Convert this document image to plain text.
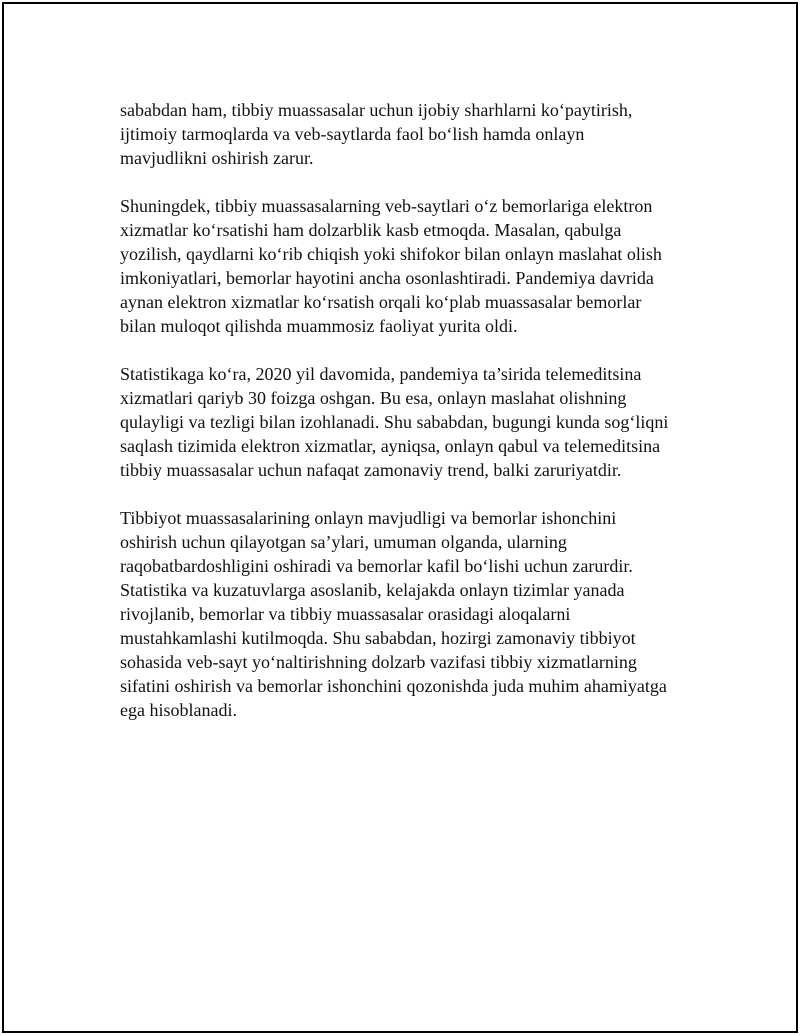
sababdan ham, tibbiy muassasalar uchun ijobiy sharhlarni koʻpaytirish,
ijtimoiy tarmoqlarda va veb-saytlarda faol boʻlish hamda onlayn
mavjudlikni oshirish zarur.

Shuningdek, tibbiy muassasalarning veb-saytlari oʻz bemorlariga elektron
xizmatlar koʻrsatishi ham dolzarblik kasb etmoqda. Masalan, qabulga
yozilish, qaydlarni koʻrib chiqish yoki shifokor bilan onlayn maslahat olish
imkoniyatlari, bemorlar hayotini ancha osonlashtiradi. Pandemiya davrida
aynan elektron xizmatlar koʻrsatish orqali koʻplab muassasalar bemorlar
bilan muloqot qilishda muammosiz faoliyat yurita oldi.

Statistikaga koʻra, 2020 yil davomida, pandemiya ta’sirida telemeditsina
xizmatlari qariyb 30 foizga oshgan. Bu esa, onlayn maslahat olishning
qulayligi va tezligi bilan izohlanadi. Shu sababdan, bugungi kunda sogʻliqni
saqlash tizimida elektron xizmatlar, ayniqsa, onlayn qabul va telemeditsina
tibbiy muassasalar uchun nafaqat zamonaviy trend, balki zaruriyatdir.

Tibbiyot muassasalarining onlayn mavjudligi va bemorlar ishonchini
oshirish uchun qilayotgan sa’ylari, umuman olganda, ularning
raqobatbardoshligini oshiradi va bemorlar kafil boʻlishi uchun zarurdir.
Statistika va kuzatuvlarga asoslanib, kelajakda onlayn tizimlar yanada
rivojlanib, bemorlar va tibbiy muassasalar orasidagi aloqalarni
mustahkamlashi kutilmoqda. Shu sababdan, hozirgi zamonaviy tibbiyot
sohasida veb-sayt yoʻnaltirishning dolzarb vazifasi tibbiy xizmatlarning
sifatini oshirish va bemorlar ishonchini qozonishda juda muhim ahamiyatga
ega hisoblanadi.
